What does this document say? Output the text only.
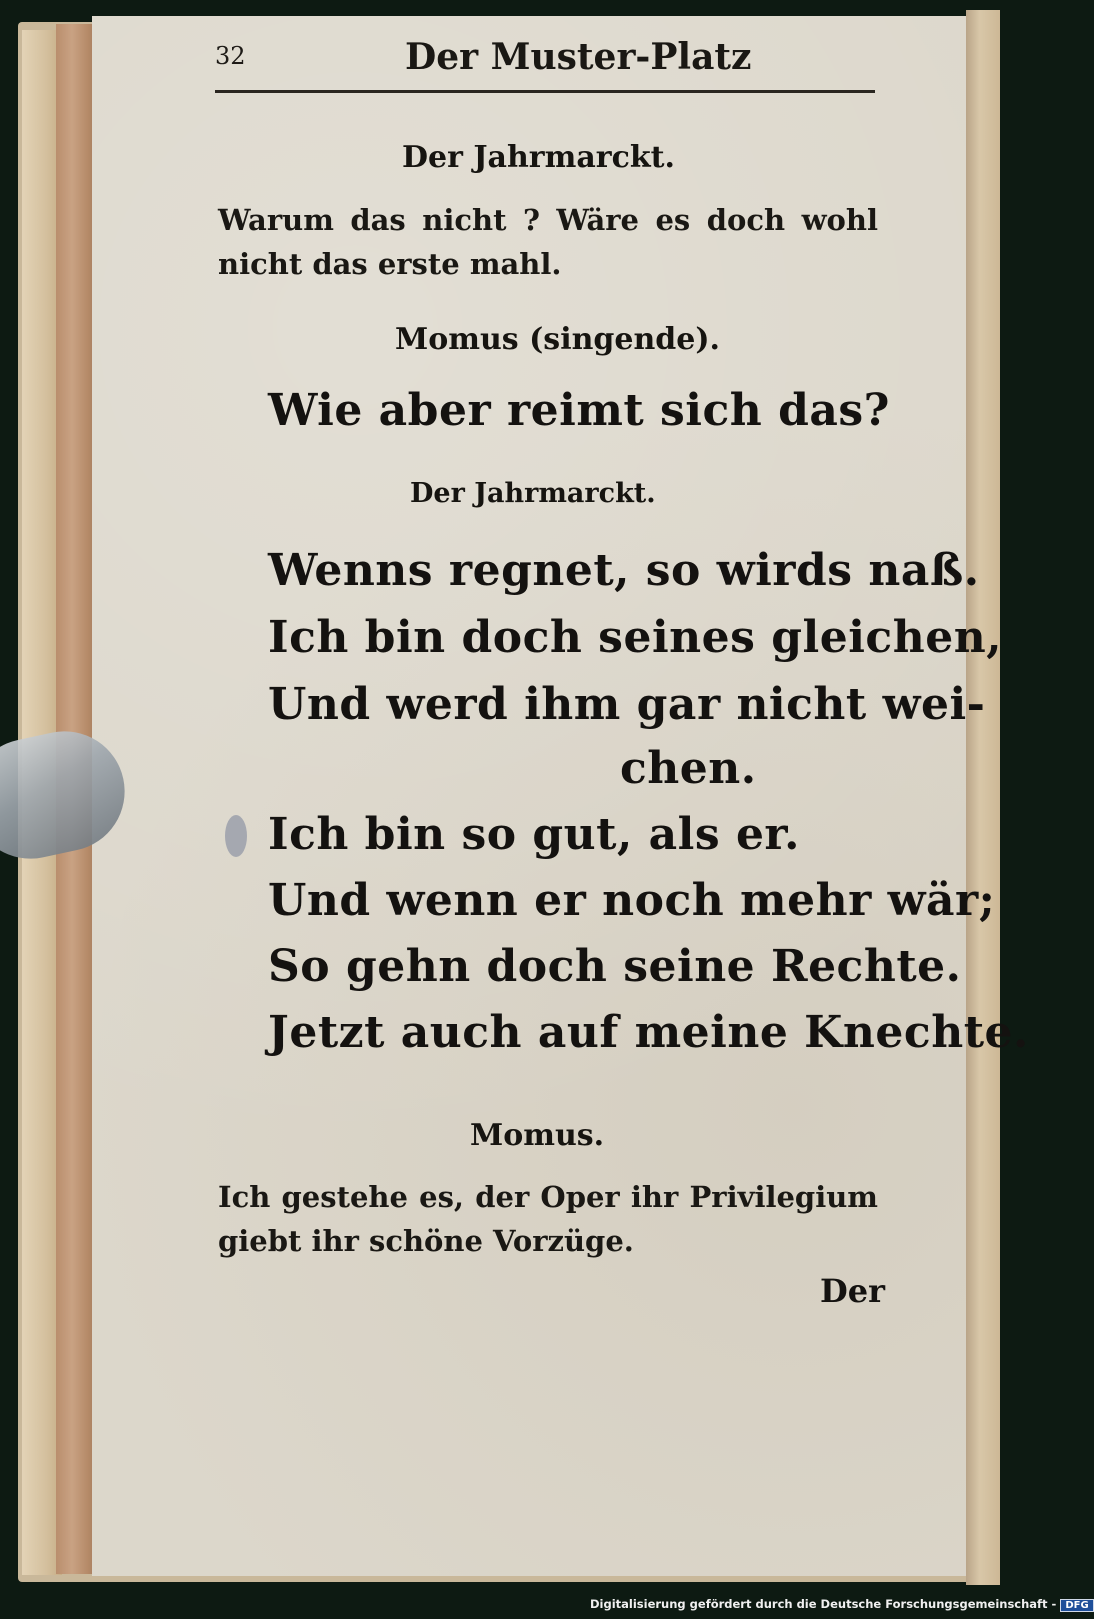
32	Der Muster-Platz
Der Jahrmarckt.
Warum das nicht ? Wäre es doch wohl nicht das erste mahl.
Momus (singende).
Wie aber reimt sich das?
Der Jahrmarckt.
Wenns regnet, so wirds naß.
Ich bin doch seines gleichen,
Und werd ihm gar nicht wei-
chen.
Ich bin so gut, als er.
Und wenn er noch mehr wär;
So gehn doch seine Rechte.
Jetzt auch auf meine Knechte.
Momus.
Ich gestehe es, der Oper ihr Privilegium giebt ihr schöne Vorzüge.
Der
Digitalisierung gefördert durch die Deutsche Forschungsgemeinschaft - DFG
